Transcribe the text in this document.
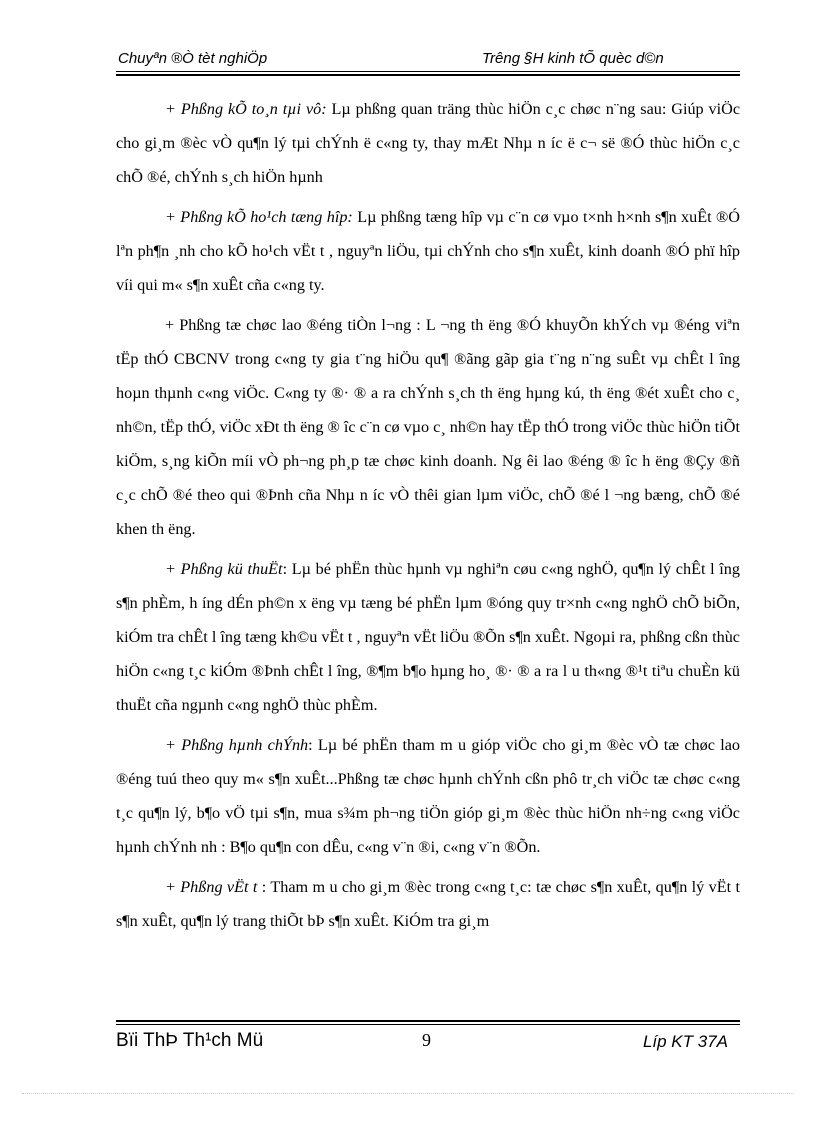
Chuyªn ®Ò tèt nghiÖp	Trêng §H kinh tÕ quèc d©n

+ Phßng kÕ to¸n tµi vô: Lµ phßng quan träng thùc hiÖn c¸c chøc n¨ng sau: Giúp viÖc cho gi¸m ®èc vÒ qu¶n lý tµi chÝnh ë c«ng ty, thay mÆt Nhµ n íc ë c¬ së ®Ó thùc hiÖn c¸c chÕ ®é, chÝnh s¸ch hiÖn hµnh

+ Phßng kÕ ho¹ch tæng hîp: Lµ phßng tæng hîp vµ c¨n cø vµo t×nh h×nh s¶n xuÊt ®Ó lªn ph¶n ¸nh cho kÕ ho¹ch vËt t , nguyªn liÖu, tµi chÝnh cho s¶n xuÊt, kinh doanh ®Ó phï hîp víi qui m« s¶n xuÊt cña c«ng ty.

+ Phßng tæ chøc lao ®éng tiÒn l¬ng : L ¬ng th ëng ®Ó khuyÕn khÝch vµ ®éng viªn tËp thÓ CBCNV trong c«ng ty gia t¨ng hiÖu qu¶ ®ãng gãp gia t¨ng n¨ng suÊt vµ chÊt l îng hoµn thµnh c«ng viÖc. C«ng ty ®· ® a ra chÝnh s¸ch th ëng hµng kú, th ëng ®ét xuÊt cho c¸ nh©n, tËp thÓ, viÖc xÐt th ëng ® îc c¨n cø vµo c¸ nh©n hay tËp thÓ trong viÖc thùc hiÖn tiÕt kiÖm, s¸ng kiÕn míi vÒ ph¬ng ph¸p tæ chøc kinh doanh. Ng êi lao ®éng ® îc h ëng ®Çy ®ñ c¸c chÕ ®é theo qui ®Þnh cña Nhµ n íc vÒ thêi gian lµm viÖc, chÕ ®é l ¬ng bæng, chÕ ®é khen th ëng.

+ Phßng kü thuËt: Lµ bé phËn thùc hµnh vµ nghiªn cøu c«ng nghÖ, qu¶n lý chÊt l îng s¶n phÈm, h íng dÉn ph©n x ëng vµ tæng bé phËn lµm ®óng quy tr×nh c«ng nghÖ chÕ biÕn, kiÓm tra chÊt l îng tæng kh©u vËt t , nguyªn vËt liÖu ®Õn s¶n xuÊt. Ngoµi ra, phßng cßn thùc hiÖn c«ng t¸c kiÓm ®Þnh chÊt l îng, ®¶m b¶o hµng ho¸ ®· ® a ra l u th«ng ®¹t tiªu chuÈn kü thuËt cña ngµnh c«ng nghÖ thùc phÈm.

+ Phßng hµnh chÝnh: Lµ bé phËn tham m u gióp viÖc cho gi¸m ®èc vÒ tæ chøc lao ®éng tuú theo quy m« s¶n xuÊt...Phßng tæ chøc hµnh chÝnh cßn phô tr¸ch viÖc tæ chøc c«ng t¸c qu¶n lý, b¶o vÖ tµi s¶n, mua s¾m ph¬ng tiÖn gióp gi¸m ®èc thùc hiÖn nh÷ng c«ng viÖc hµnh chÝnh nh : B¶o qu¶n con dÊu, c«ng v¨n ®i, c«ng v¨n ®Õn.

+ Phßng vËt t : Tham m u cho gi¸m ®èc trong c«ng t¸c: tæ chøc s¶n xuÊt, qu¶n lý vËt t s¶n xuÊt, qu¶n lý trang thiÕt bÞ s¶n xuÊt. KiÓm tra gi¸m

Bïi ThÞ Th¹ch Mü	9	Líp KT 37A
